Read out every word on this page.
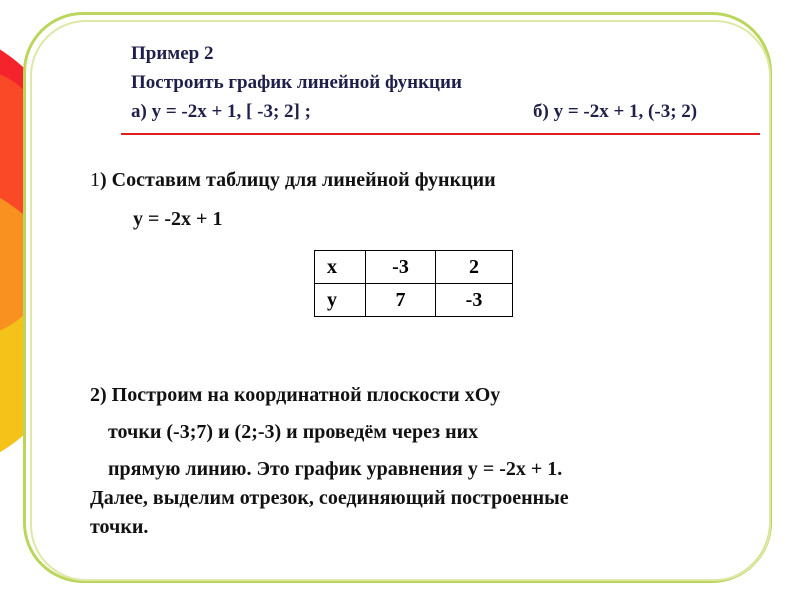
Пример 2
Построить график линейной функции
а) y = -2x + 1, [ -3; 2] ;	б) y = -2x + 1, (-3; 2)
1) Составим таблицу для линейной функции
y = -2x + 1
x	-3	2
y	7	-3
2) Построим на координатной плоскости xOy
точки (-3;7) и (2;-3) и проведём через них
прямую линию. Это график уравнения y = -2x + 1.
Далее, выделим отрезок, соединяющий построенные
точки.
